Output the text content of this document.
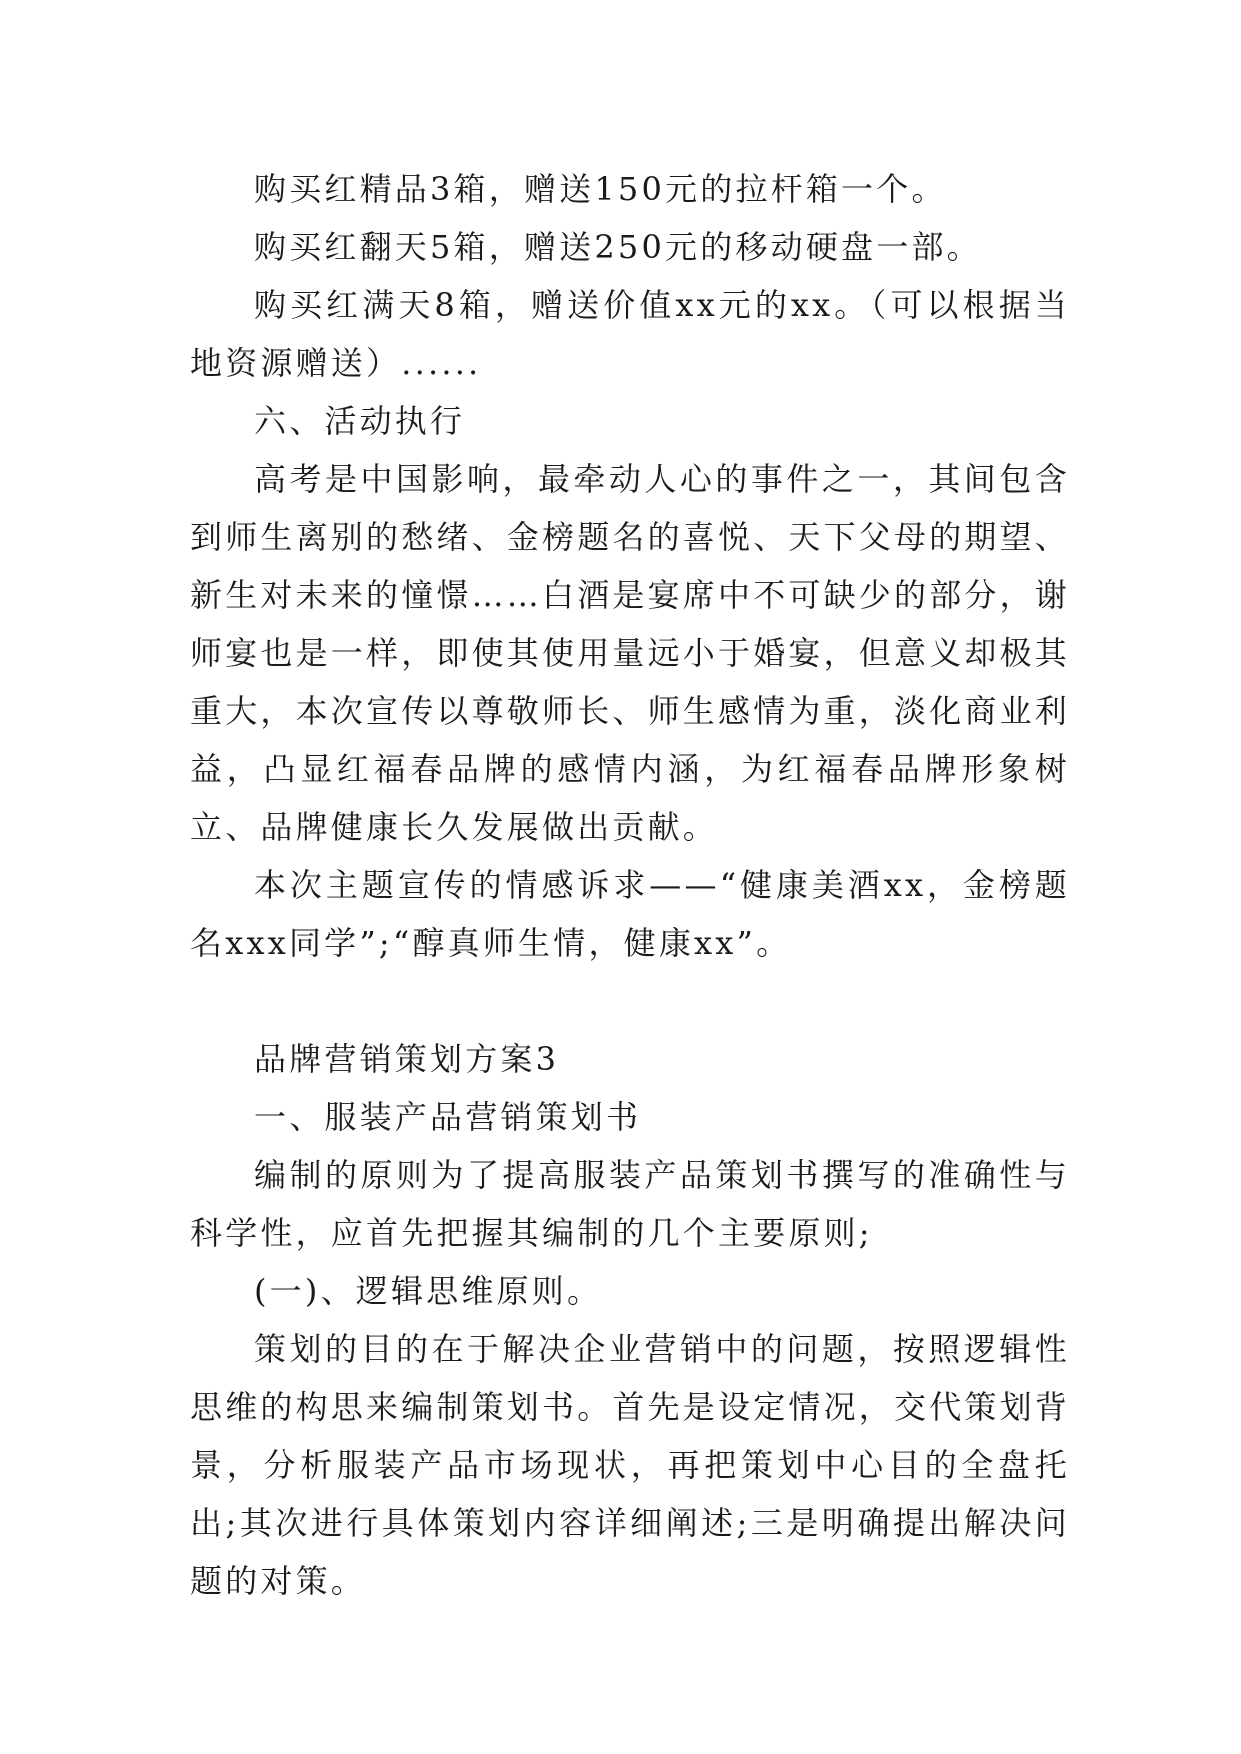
购买红精品3箱，赠送150元的拉杆箱一个。

购买红翻天5箱，赠送250元的移动硬盘一部。

购买红满天8箱，赠送价值xx元的xx。（可以根据当地资源赠送）......

六、活动执行

高考是中国影响，最牵动人心的事件之一，其间包含到师生离别的愁绪、金榜题名的喜悦、天下父母的期望、新生对未来的憧憬……白酒是宴席中不可缺少的部分，谢师宴也是一样，即使其使用量远小于婚宴，但意义却极其重大，本次宣传以尊敬师长、师生感情为重，淡化商业利益，凸显红福春品牌的感情内涵，为红福春品牌形象树立、品牌健康长久发展做出贡献。

本次主题宣传的情感诉求——“健康美酒xx，金榜题名xxx同学”;“醇真师生情，健康xx”。

品牌营销策划方案3

一、服装产品营销策划书

编制的原则为了提高服装产品策划书撰写的准确性与科学性，应首先把握其编制的几个主要原则;

(一)、逻辑思维原则。

策划的目的在于解决企业营销中的问题，按照逻辑性思维的构思来编制策划书。首先是设定情况，交代策划背景，分析服装产品市场现状，再把策划中心目的全盘托出;其次进行具体策划内容详细阐述;三是明确提出解决问题的对策。
